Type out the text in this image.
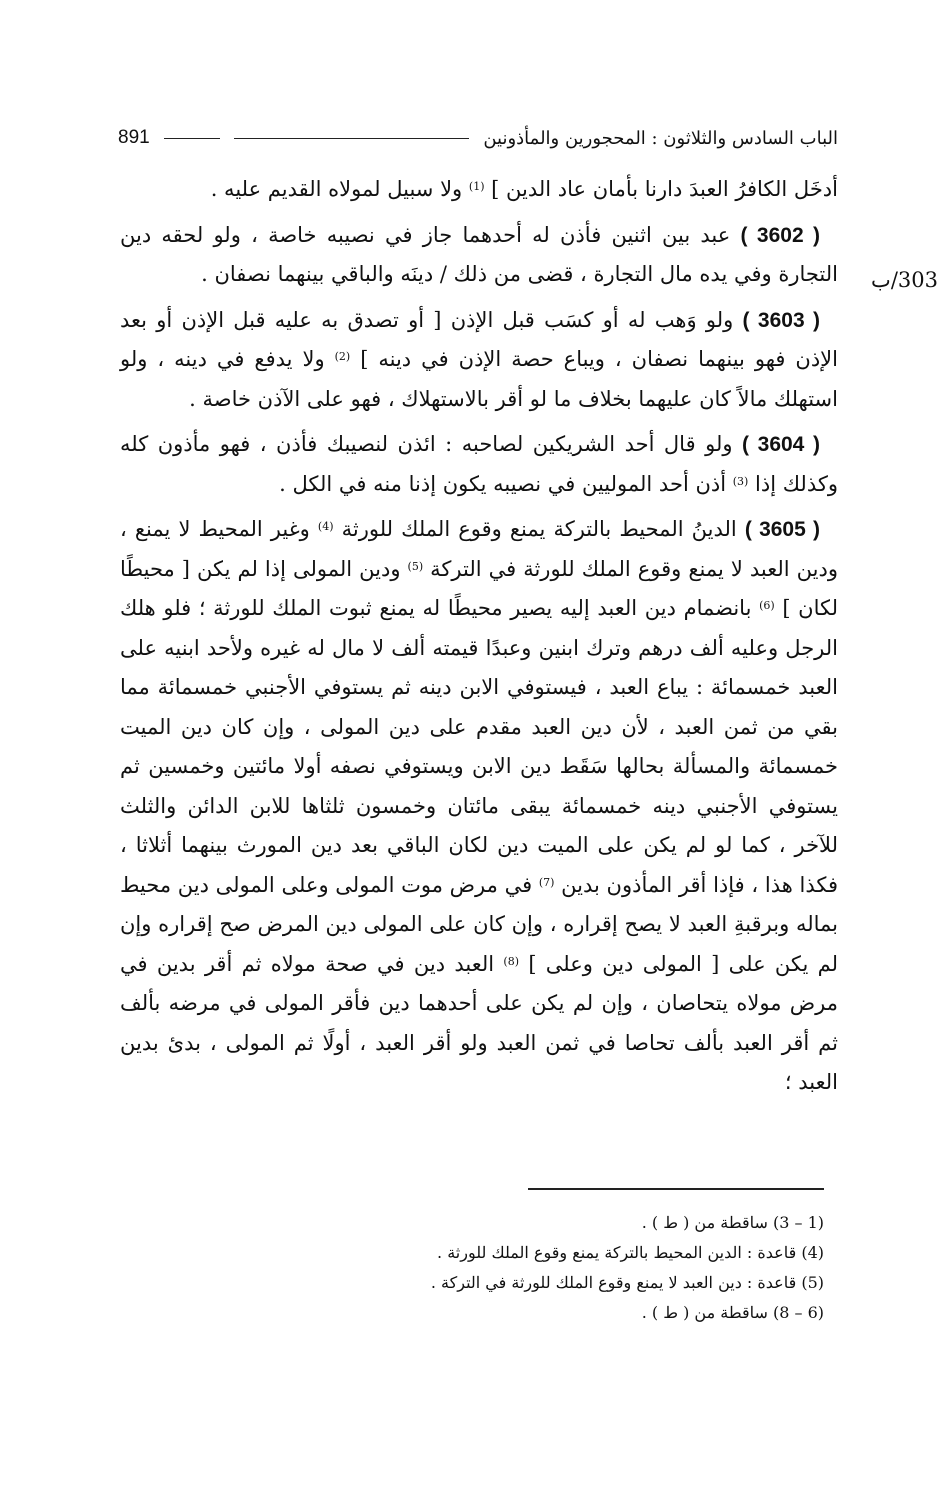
891	الباب السادس والثلاثون : المحجورين والمأذونين
303/ب

أدخَل الكافرُ العبدَ دارنا بأمان عاد الدين ] $^{(1)}$ ولا سبيل لمولاه القديم عليه .

( 3602 ) عبد بين اثنين فأذن له أحدهما جاز في نصيبه خاصة ، ولو لحقه دين التجارة وفي يده مال التجارة ، قضى من ذلك / دينَه والباقي بينهما نصفان .

( 3603 ) ولو وَهب له أو كسَب قبل الإذن [ أو تصدق به عليه قبل الإذن أو بعد الإذن فهو بينهما نصفان ، ويباع حصة الإذن في دينه ] $^{(2)}$ ولا يدفع في دينه ، ولو استهلك مالاً كان عليهما بخلاف ما لو أقر بالاستهلاك ، فهو على الآذن خاصة .

( 3604 ) ولو قال أحد الشريكين لصاحبه : ائذن لنصيبك فأذن ، فهو مأذون كله وكذلك إذا $^{(3)}$ أذن أحد الموليين في نصيبه يكون إذنا منه في الكل .

( 3605 ) الدينُ المحيط بالتركة يمنع وقوع الملك للورثة $^{(4)}$ وغير المحيط لا يمنع ، ودين العبد لا يمنع وقوع الملك للورثة في التركة $^{(5)}$ ودين المولى إذا لم يكن [ محيطًا لكان ] $^{(6)}$ بانضمام دين العبد إليه يصير محيطًا له يمنع ثبوت الملك للورثة ؛ فلو هلك الرجل وعليه ألف درهم وترك ابنين وعبدًا قيمته ألف لا مال له غيره ولأحد ابنيه على العبد خمسمائة : يباع العبد ، فيستوفي الابن دينه ثم يستوفي الأجنبي خمسمائة مما بقي من ثمن العبد ، لأن دين العبد مقدم على دين المولى ، وإن كان دين الميت خمسمائة والمسألة بحالها سَقَط دين الابن ويستوفي نصفه أولا مائتين وخمسين ثم يستوفي الأجنبي دينه خمسمائة يبقى مائتان وخمسون ثلثاها للابن الدائن والثلث للآخر ، كما لو لم يكن على الميت دين لكان الباقي بعد دين المورث بينهما أثلاثا ، فكذا هذا ، فإذا أقر المأذون بدين $^{(7)}$ في مرض موت المولى وعلى المولى دين محيط بماله وبرقبةِ العبد لا يصح إقراره ، وإن كان على المولى دين المرض صح إقراره وإن لم يكن على [ المولى دين وعلى ] $^{(8)}$ العبد دين في صحة مولاه ثم أقر بدين في مرض مولاه يتحاصان ، وإن لم يكن على أحدهما دين فأقر المولى في مرضه بألف ثم أقر العبد بألف تحاصا في ثمن العبد ولو أقر العبد ، أولًا ثم المولى ، بدئ بدين العبد ؛

(1 – 3) ساقطة من ( ط ) .

(4) قاعدة : الدين المحيط بالتركة يمنع وقوع الملك للورثة .

(5) قاعدة : دين العبد لا يمنع وقوع الملك للورثة في التركة .

(6 – 8) ساقطة من ( ط ) .
